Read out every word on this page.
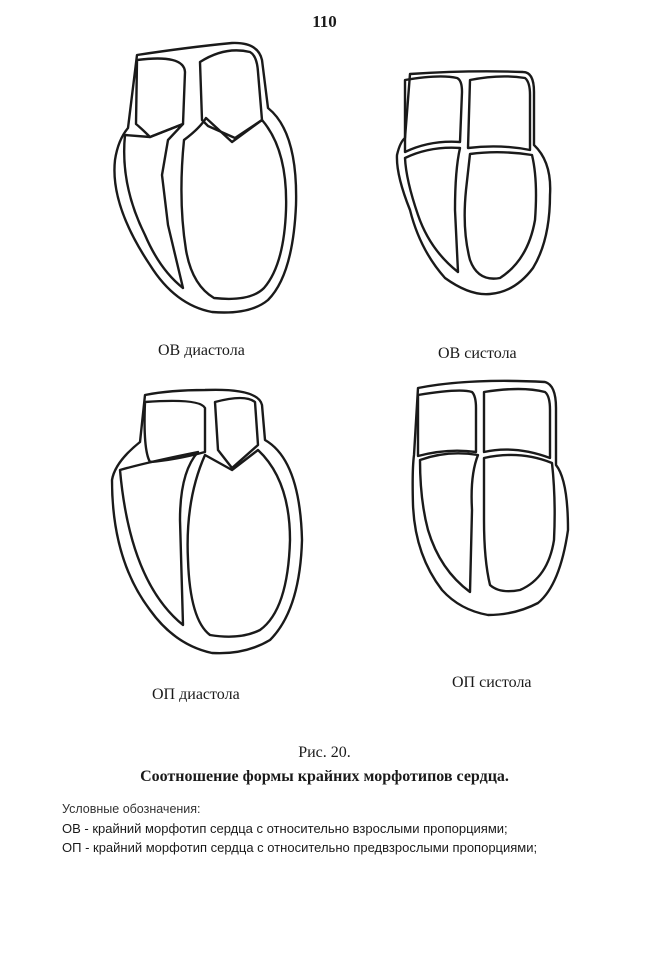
110
ОВ диастола	ОВ систола
ОП диастола
ОП систола
Рис. 20.
Соотношение формы крайних морфотипов сердца.
Условные обозначения:
ОВ - крайний морфотип сердца с относительно взрослыми пропорциями;
ОП - крайний морфотип сердца с относительно предвзрослыми пропорциями;
